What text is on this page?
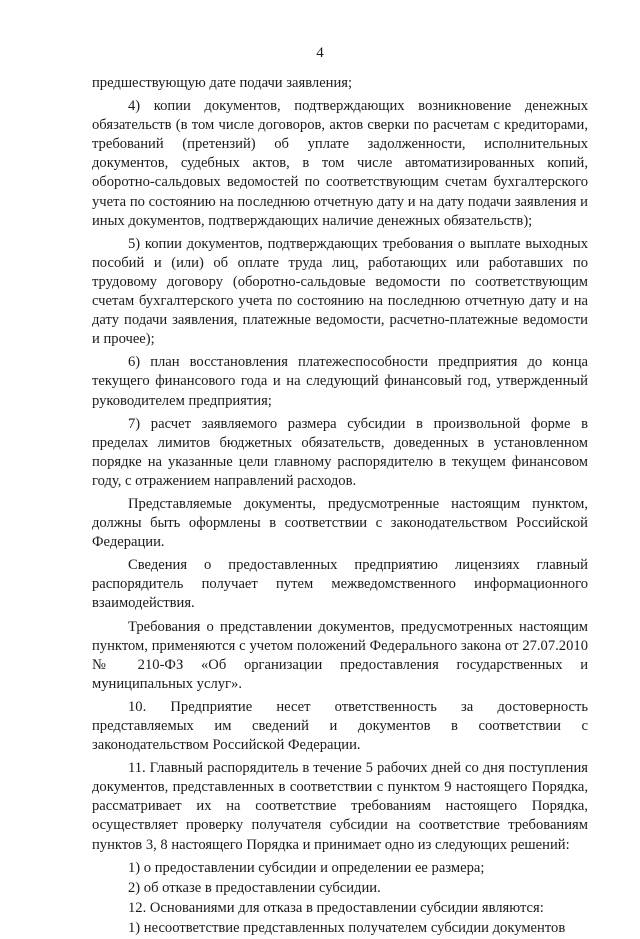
4

предшествующую дате подачи заявления;

4) копии документов, подтверждающих возникновение денежных обязательств (в том числе договоров, актов сверки по расчетам с кредиторами, требований (претензий) об уплате задолженности, исполнительных документов, судебных актов, в том числе автоматизированных копий, оборотно-сальдовых ведомостей по соответствующим счетам бухгалтерского учета по состоянию на последнюю отчетную дату и на дату подачи заявления и иных документов, подтверждающих наличие денежных обязательств);

5) копии документов, подтверждающих требования о выплате выходных пособий и (или) об оплате труда лиц, работающих или работавших по трудовому договору (оборотно-сальдовые ведомости по соответствующим счетам бухгалтерского учета по состоянию на последнюю отчетную дату и на дату подачи заявления, платежные ведомости, расчетно-платежные ведомости и прочее);

6) план восстановления платежеспособности предприятия до конца текущего финансового года и на следующий финансовый год, утвержденный руководителем предприятия;

7) расчет заявляемого размера субсидии в произвольной форме в пределах лимитов бюджетных обязательств, доведенных в установленном порядке на указанные цели главному распорядителю в текущем финансовом году, с отражением направлений расходов.

Представляемые документы, предусмотренные настоящим пунктом, должны быть оформлены в соответствии с законодательством Российской Федерации.

Сведения о предоставленных предприятию лицензиях главный распорядитель получает путем межведомственного информационного взаимодействия.

Требования о представлении документов, предусмотренных настоящим пунктом, применяются с учетом положений Федерального закона от 27.07.2010 № 210-ФЗ «Об организации предоставления государственных и муниципальных услуг».

10. Предприятие несет ответственность за достоверность представляемых им сведений и документов в соответствии с законодательством Российской Федерации.

11. Главный распорядитель в течение 5 рабочих дней со дня поступления документов, представленных в соответствии с пунктом 9 настоящего Порядка, рассматривает их на соответствие требованиям настоящего Порядка, осуществляет проверку получателя субсидии на соответствие требованиям пунктов 3, 8 настоящего Порядка и принимает одно из следующих решений:

1) о предоставлении субсидии и определении ее размера;

2) об отказе в предоставлении субсидии.

12. Основаниями для отказа в предоставлении субсидии являются:

1) несоответствие представленных получателем субсидии документов
